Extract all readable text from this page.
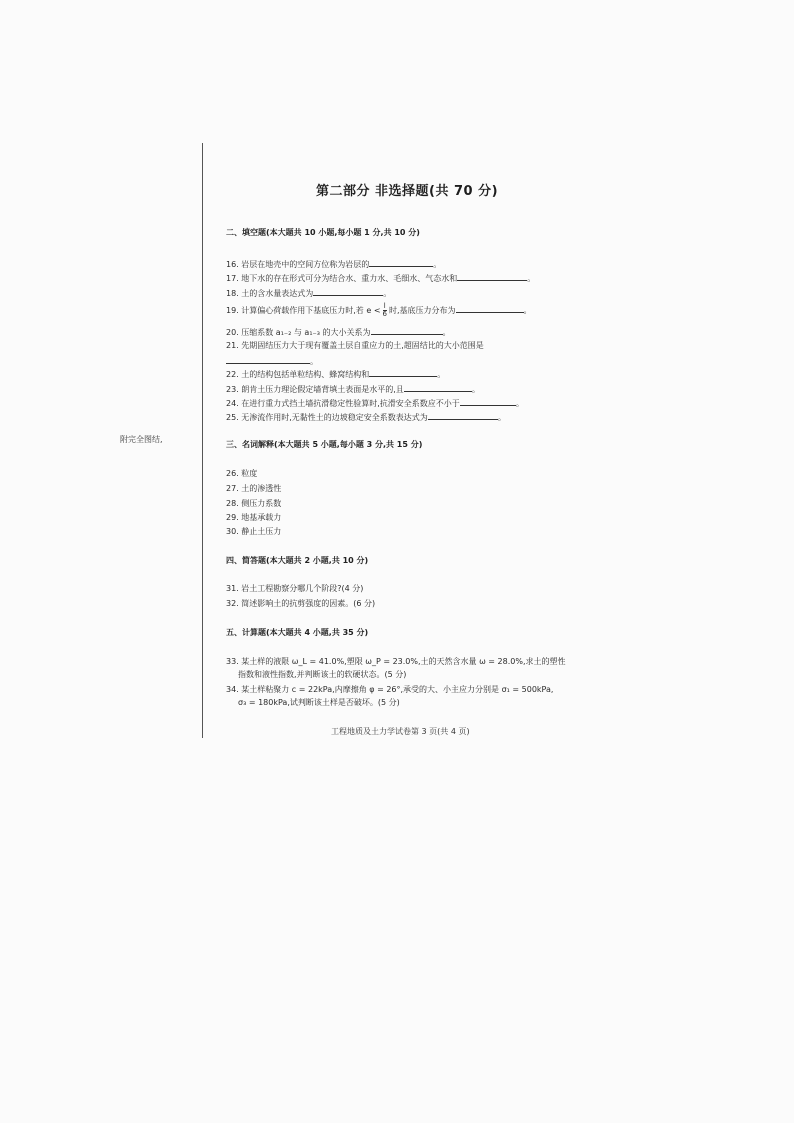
附完全图结,
第二部分 非选择题(共 70 分)
二、填空题(本大题共 10 小题,每小题 1 分,共 10 分)
16. 岩层在地壳中的空间方位称为岩层的	。
17. 地下水的存在形式可分为结合水、重力水、毛细水、气态水和	。
18. 土的含水量表达式为	。
19. 计算偏心荷载作用下基底压力时,若 $e < \frac{l}{6}$ 时,基底压力分布为	。
20. 压缩系数 a₁₋₂ 与 a₁₋₃ 的大小关系为	。
21. 先期固结压力大于现有覆盖土层自重应力的土,超固结比的大小范围是
。
22. 土的结构包括单粒结构、蜂窝结构和	。
23. 朗肯土压力理论假定墙背填土表面是水平的,且	。
24. 在进行重力式挡土墙抗滑稳定性验算时,抗滑安全系数应不小于	。
25. 无渗流作用时,无黏性土的边坡稳定安全系数表达式为	。
三、名词解释(本大题共 5 小题,每小题 3 分,共 15 分)
26. 粒度
27. 土的渗透性
28. 侧压力系数
29. 地基承载力
30. 静止土压力
四、简答题(本大题共 2 小题,共 10 分)
31. 岩土工程勘察分哪几个阶段?(4 分)
32. 简述影响土的抗剪强度的因素。(6 分)
五、计算题(本大题共 4 小题,共 35 分)
33. 某土样的液限 ω_L = 41.0%,塑限 ω_P = 23.0%,土的天然含水量 ω = 28.0%,求土的塑性
指数和液性指数,并判断该土的软硬状态。(5 分)
34. 某土样粘聚力 c = 22kPa,内摩擦角 φ = 26°,承受的大、小主应力分别是 σ₁ = 500kPa,
σ₃ = 180kPa,试判断该土样是否破坏。(5 分)
工程地质及土力学试卷第 3 页(共 4 页)
